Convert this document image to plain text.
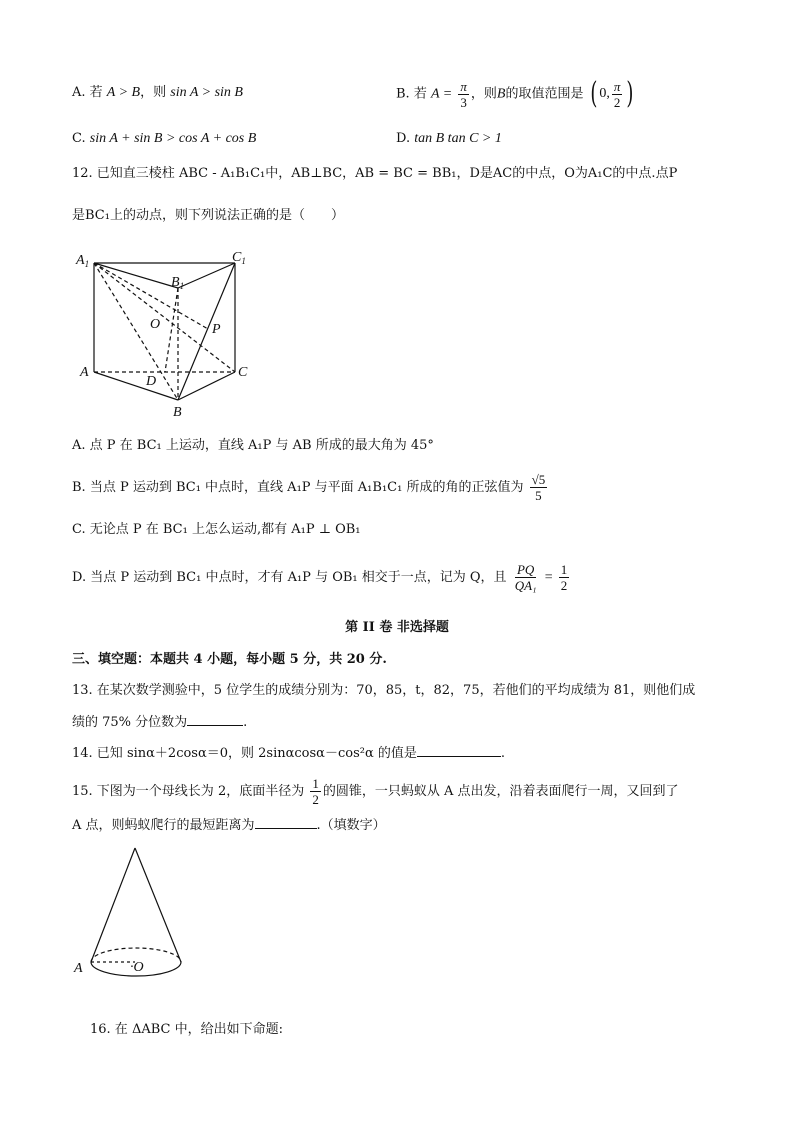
A. 若 A > B，则 sin A > sin B	B. 若 $A = \frac{\pi}{3}$ ，则B的取值范围是 ( 0, $\frac{\pi}{2}$ )
C. sin A + sin B > cos A + cos B	D. tan B tan C > 1
12. 已知直三棱柱 ABC - A₁B₁C₁中，AB⊥BC，AB = BC = BB₁，D是AC的中点，O为A₁C的中点.点P
是BC₁上的动点，则下列说法正确的是（　　）
$A_1$
$B_1$
$C_1$
O	P
A	C
D
B
A. 点 P 在 BC₁ 上运动，直线 A₁P 与 AB 所成的最大角为 45°
B. 当点 P 运动到 BC₁ 中点时，直线 A₁P 与平面 A₁B₁C₁ 所成的角的正弦值为 $\frac{√5}{5}$
C. 无论点 P 在 BC₁ 上怎么运动,都有 A₁P ⊥ OB₁
D. 当点 P 运动到 BC₁ 中点时，才有 A₁P 与 OB₁ 相交于一点，记为 Q，且 $\frac{PQ}{\text{QA₁}} = \frac{1}{2}$
第 II 卷 非选择题
三、填空题：本题共 4 小题，每小题 5 分，共 20 分.
13. 在某次数学测验中，5 位学生的成绩分别为：70，85，t，82，75，若他们的平均成绩为 81，则他们成
绩的 75% 分位数为	.
14. 已知 sinα＋2cosα＝0，则 2sinαcosα－cos²α 的值是	.
15. 下图为一个母线长为 2，底面半径为 $\frac{1}{2}$ 的圆锥，一只蚂蚁从 A 点出发，沿着表面爬行一周，又回到了
A 点，则蚂蚁爬行的最短距离为	.（填数字）
A	·O
16. 在 ΔABC 中，给出如下命题:
